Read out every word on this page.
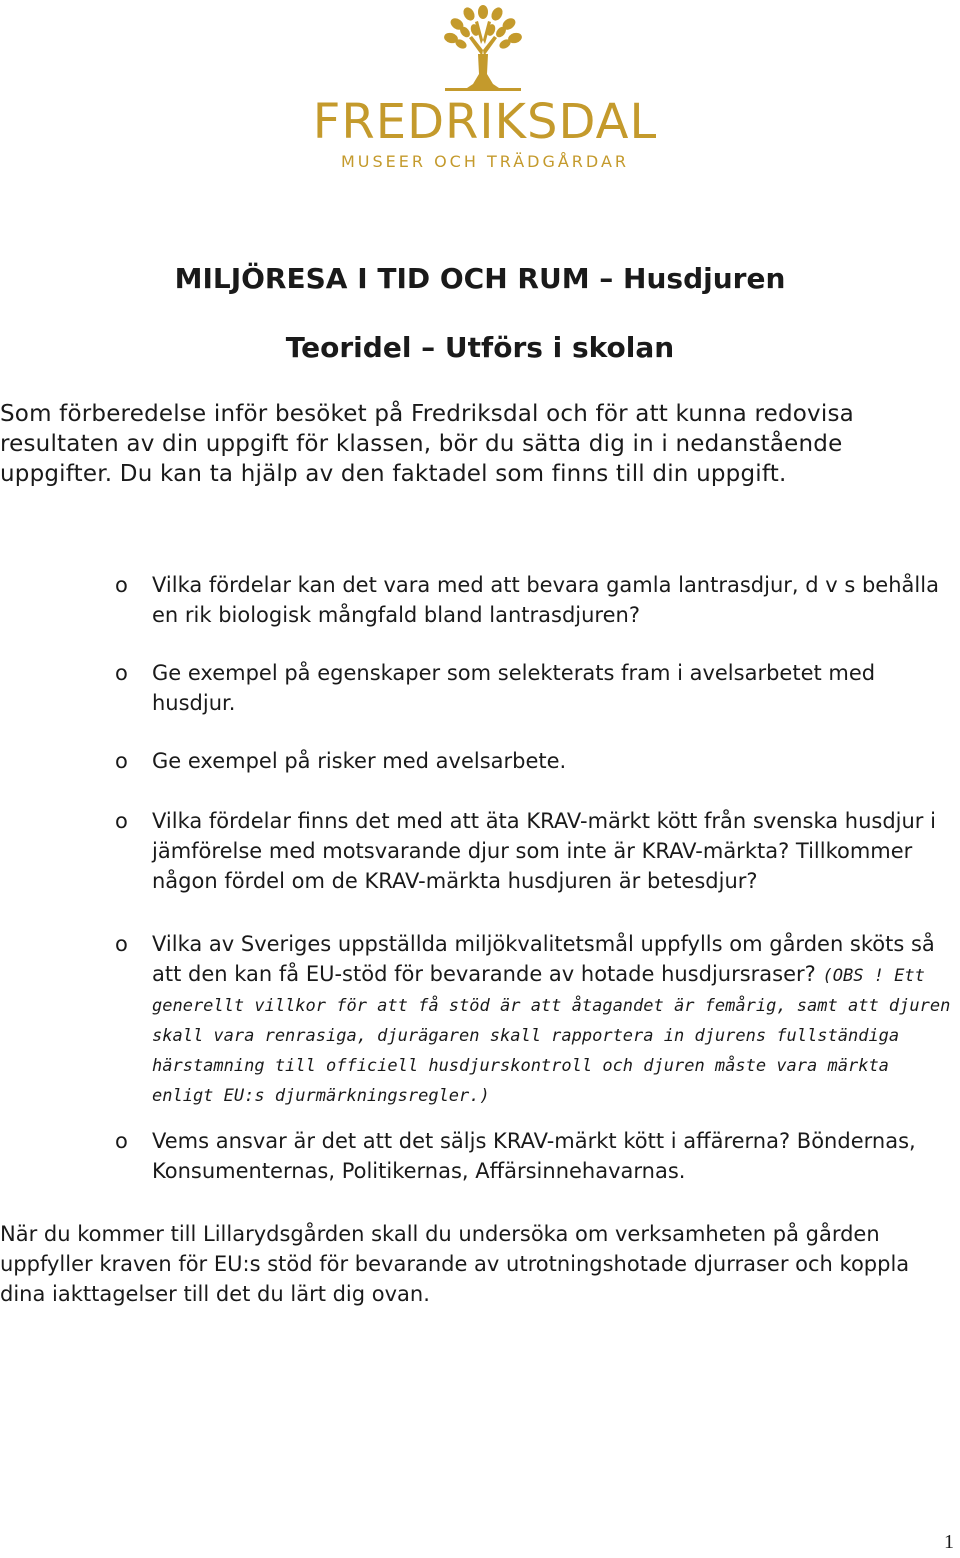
FREDRIKSDAL
MUSEER OCH TRÄDGÅRDAR
MILJÖRESA I TID OCH RUM – Husdjuren
Teoridel – Utförs i skolan
Som förberedelse inför besöket på Fredriksdal och för att kunna redovisa resultaten av din uppgift för klassen, bör du sätta dig in i nedanstående uppgifter. Du kan ta hjälp av den faktadel som finns till din uppgift.
o	Vilka fördelar kan det vara med att bevara gamla lantrasdjur, d v s behålla en rik biologisk mångfald bland lantrasdjuren?
o	Ge exempel på egenskaper som selekterats fram i avelsarbetet med husdjur.
o	Ge exempel på risker med avelsarbete.
o	Vilka fördelar finns det med att äta KRAV-märkt kött från svenska husdjur i jämförelse med motsvarande djur som inte är KRAV-märkta? Tillkommer någon fördel om de KRAV-märkta husdjuren är betesdjur?
o	Vilka av Sveriges uppställda miljökvalitetsmål uppfylls om gården sköts så att den kan få EU-stöd för bevarande av hotade husdjursraser? (OBS ! Ett generellt villkor för att få stöd är att åtagandet är femårig, samt att djuren skall vara renrasiga, djurägaren skall rapportera in djurens fullständiga härstamning till officiell husdjurskontroll och djuren måste vara märkta enligt EU:s djurmärkningsregler.)
o	Vems ansvar är det att det säljs KRAV-märkt kött i affärerna? Böndernas, Konsumenternas, Politikernas, Affärsinnehavarnas.
När du kommer till Lillarydsgården skall du undersöka om verksamheten på gården uppfyller kraven för EU:s stöd för bevarande av utrotningshotade djurraser och koppla dina iakttagelser till det du lärt dig ovan.
1
